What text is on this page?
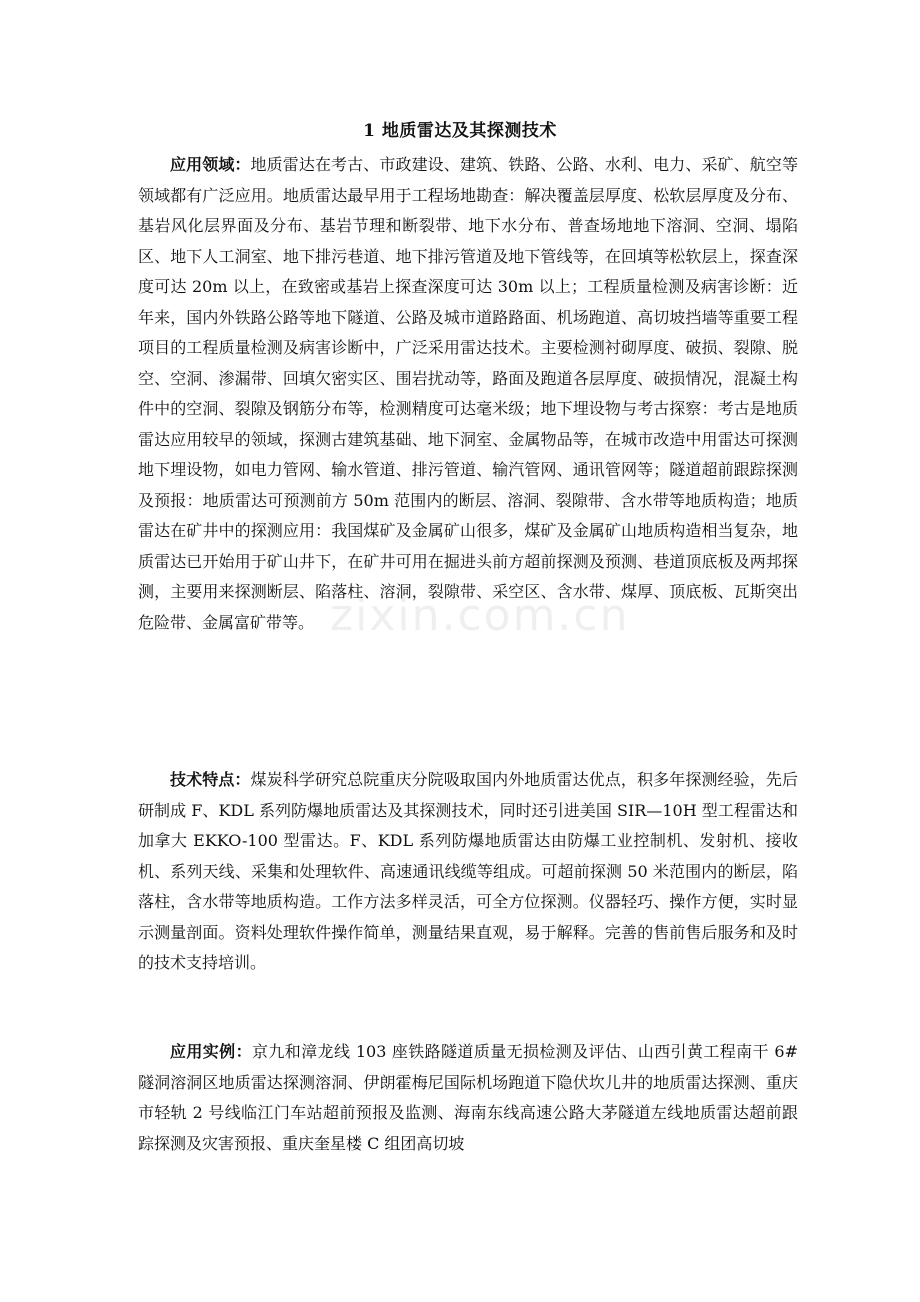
1 地质雷达及其探测技术

应用领域：地质雷达在考古、市政建设、建筑、铁路、公路、水利、电力、采矿、航空等领域都有广泛应用。地质雷达最早用于工程场地勘查：解决覆盖层厚度、松软层厚度及分布、基岩风化层界面及分布、基岩节理和断裂带、地下水分布、普查场地地下溶洞、空洞、塌陷区、地下人工洞室、地下排污巷道、地下排污管道及地下管线等，在回填等松软层上，探查深度可达 20m 以上，在致密或基岩上探查深度可达 30m 以上；工程质量检测及病害诊断：近年来，国内外铁路公路等地下隧道、公路及城市道路路面、机场跑道、高切坡挡墙等重要工程项目的工程质量检测及病害诊断中，广泛采用雷达技术。主要检测衬砌厚度、破损、裂隙、脱空、空洞、渗漏带、回填欠密实区、围岩扰动等，路面及跑道各层厚度、破损情况，混凝土构件中的空洞、裂隙及钢筋分布等，检测精度可达毫米级；地下埋设物与考古探察：考古是地质雷达应用较早的领域，探测古建筑基础、地下洞室、金属物品等，在城市改造中用雷达可探测地下埋设物，如电力管网、输水管道、排污管道、输汽管网、通讯管网等；隧道超前跟踪探测及预报：地质雷达可预测前方 50m 范围内的断层、溶洞、裂隙带、含水带等地质构造；地质雷达在矿井中的探测应用：我国煤矿及金属矿山很多，煤矿及金属矿山地质构造相当复杂，地质雷达已开始用于矿山井下，在矿井可用在掘进头前方超前探测及预测、巷道顶底板及两邦探测，主要用来探测断层、陷落柱、溶洞，裂隙带、采空区、含水带、煤厚、顶底板、瓦斯突出危险带、金属富矿带等。

技术特点：煤炭科学研究总院重庆分院吸取国内外地质雷达优点，积多年探测经验，先后研制成 F、KDL 系列防爆地质雷达及其探测技术，同时还引进美国 SIR—10H 型工程雷达和加拿大 EKKO-100 型雷达。F、KDL 系列防爆地质雷达由防爆工业控制机、发射机、接收机、系列天线、采集和处理软件、高速通讯线缆等组成。可超前探测 50 米范围内的断层，陷落柱，含水带等地质构造。工作方法多样灵活，可全方位探测。仪器轻巧、操作方便，实时显示测量剖面。资料处理软件操作简单，测量结果直观，易于解释。完善的售前售后服务和及时的技术支持培训。

应用实例：京九和漳龙线 103 座铁路隧道质量无损检测及评估、山西引黄工程南干 6#隧洞溶洞区地质雷达探测溶洞、伊朗霍梅尼国际机场跑道下隐伏坎儿井的地质雷达探测、重庆市轻轨 2 号线临江门车站超前预报及监测、海南东线高速公路大茅隧道左线地质雷达超前跟踪探测及灾害预报、重庆奎星楼 C 组团高切坡

zixin.com.cn
